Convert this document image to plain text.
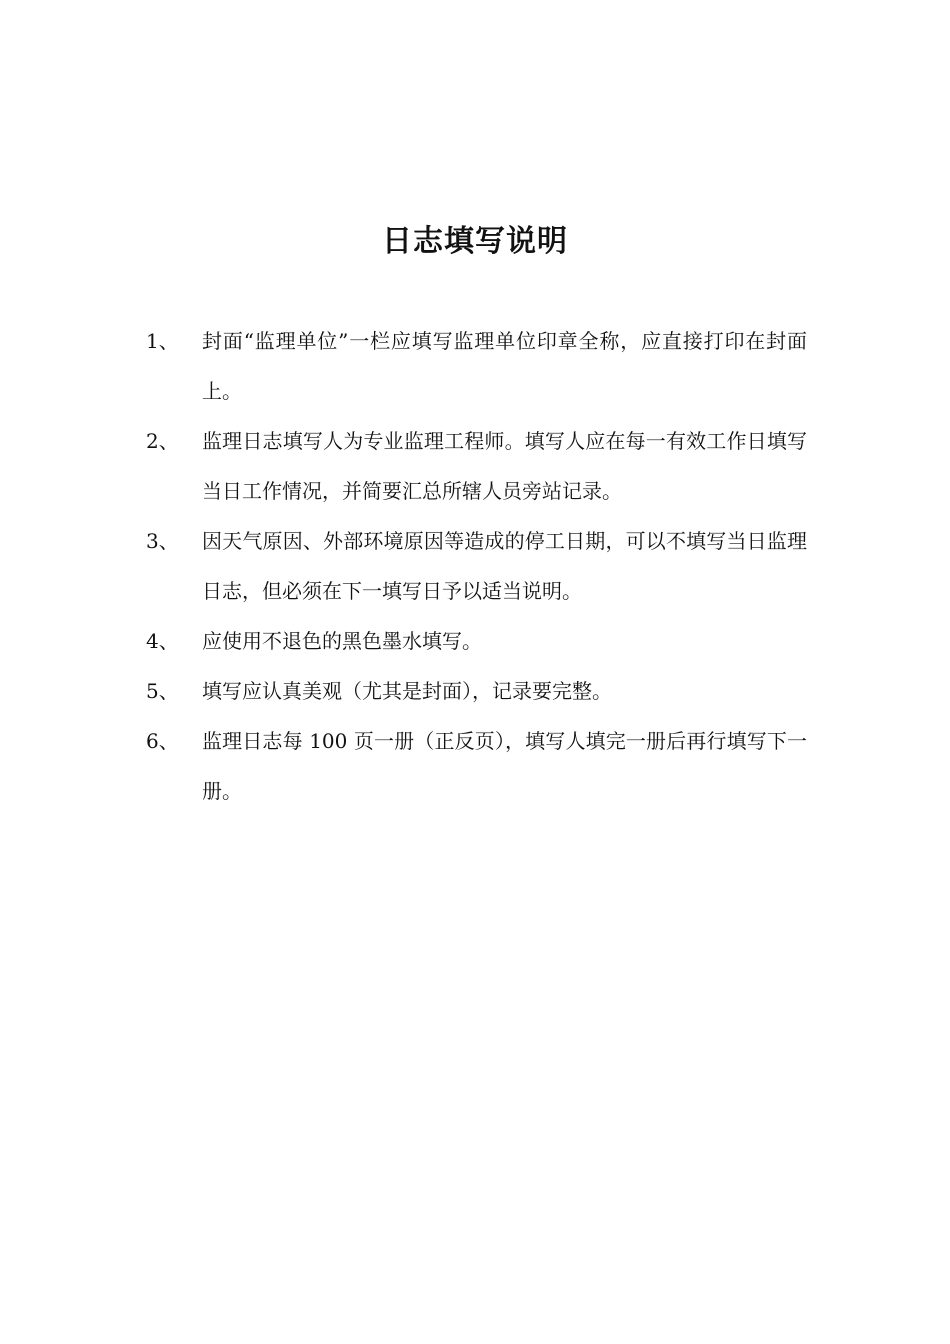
日志填写说明
1、	封面“监理单位”一栏应填写监理单位印章全称，应直接打印在封面上。
2、	监理日志填写人为专业监理工程师。填写人应在每一有效工作日填写当日工作情况，并简要汇总所辖人员旁站记录。
3、	因天气原因、外部环境原因等造成的停工日期，可以不填写当日监理日志，但必须在下一填写日予以适当说明。
4、	应使用不退色的黑色墨水填写。
5、	填写应认真美观（尤其是封面），记录要完整。
6、	监理日志每 100 页一册（正反页），填写人填完一册后再行填写下一册。
